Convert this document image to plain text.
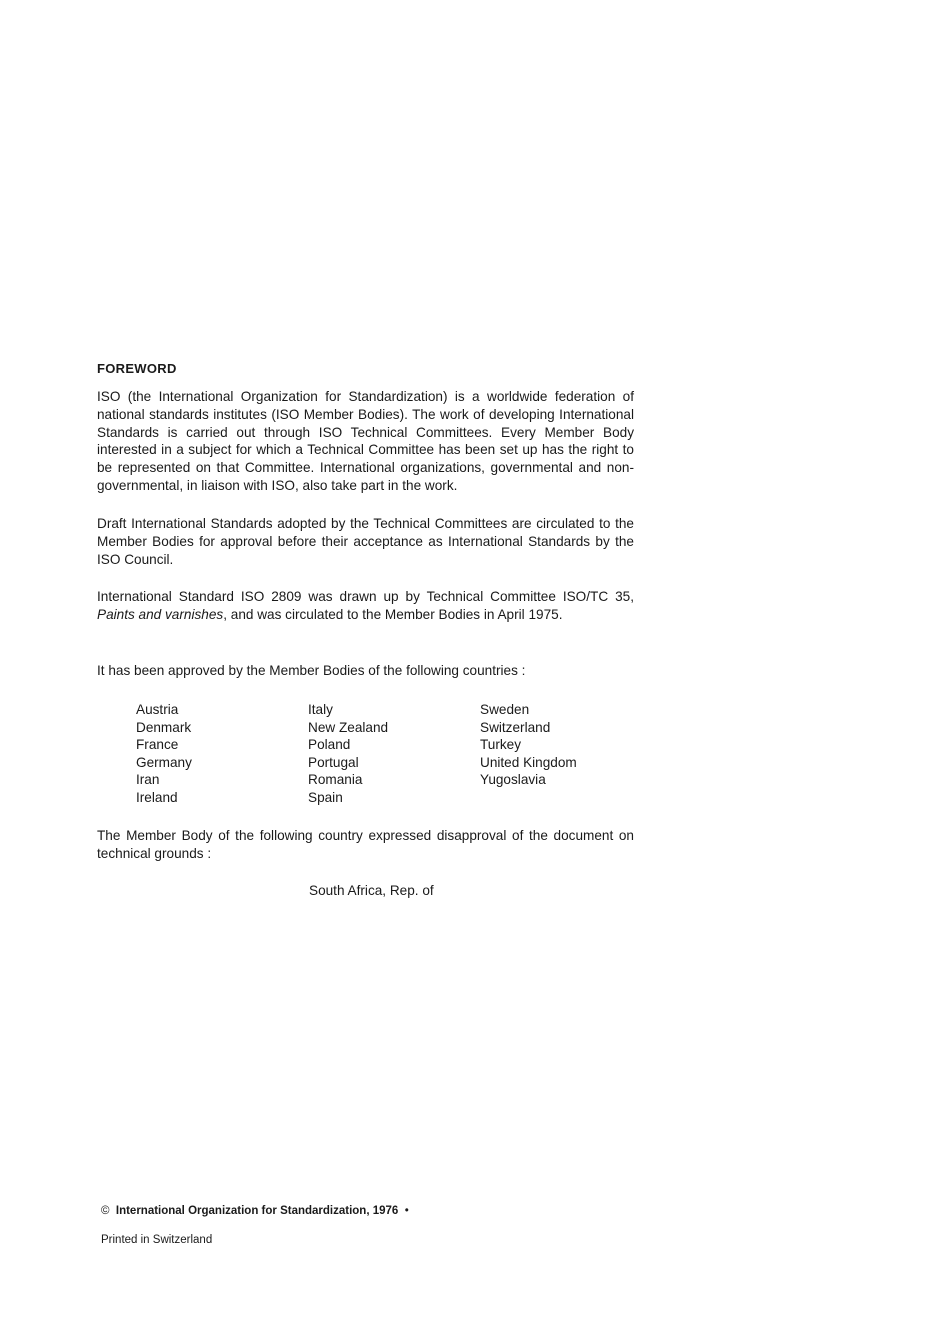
FOREWORD

ISO (the International Organization for Standardization) is a worldwide federation of national standards institutes (ISO Member Bodies). The work of developing International Standards is carried out through ISO Technical Committees. Every Member Body interested in a subject for which a Technical Committee has been set up has the right to be represented on that Committee. International organizations, governmental and non-governmental, in liaison with ISO, also take part in the work.

Draft International Standards adopted by the Technical Committees are circulated to the Member Bodies for approval before their acceptance as International Standards by the ISO Council.

International Standard ISO 2809 was drawn up by Technical Committee ISO/TC 35, Paints and varnishes, and was circulated to the Member Bodies in April 1975.

It has been approved by the Member Bodies of the following countries :

Austria
Denmark
France
Germany
Iran
Ireland
Italy
New Zealand
Poland
Portugal
Romania
Spain
Sweden
Switzerland
Turkey
United Kingdom
Yugoslavia

The Member Body of the following country expressed disapproval of the document on technical grounds :

South Africa, Rep. of

© International Organization for Standardization, 1976 •

Printed in Switzerland
